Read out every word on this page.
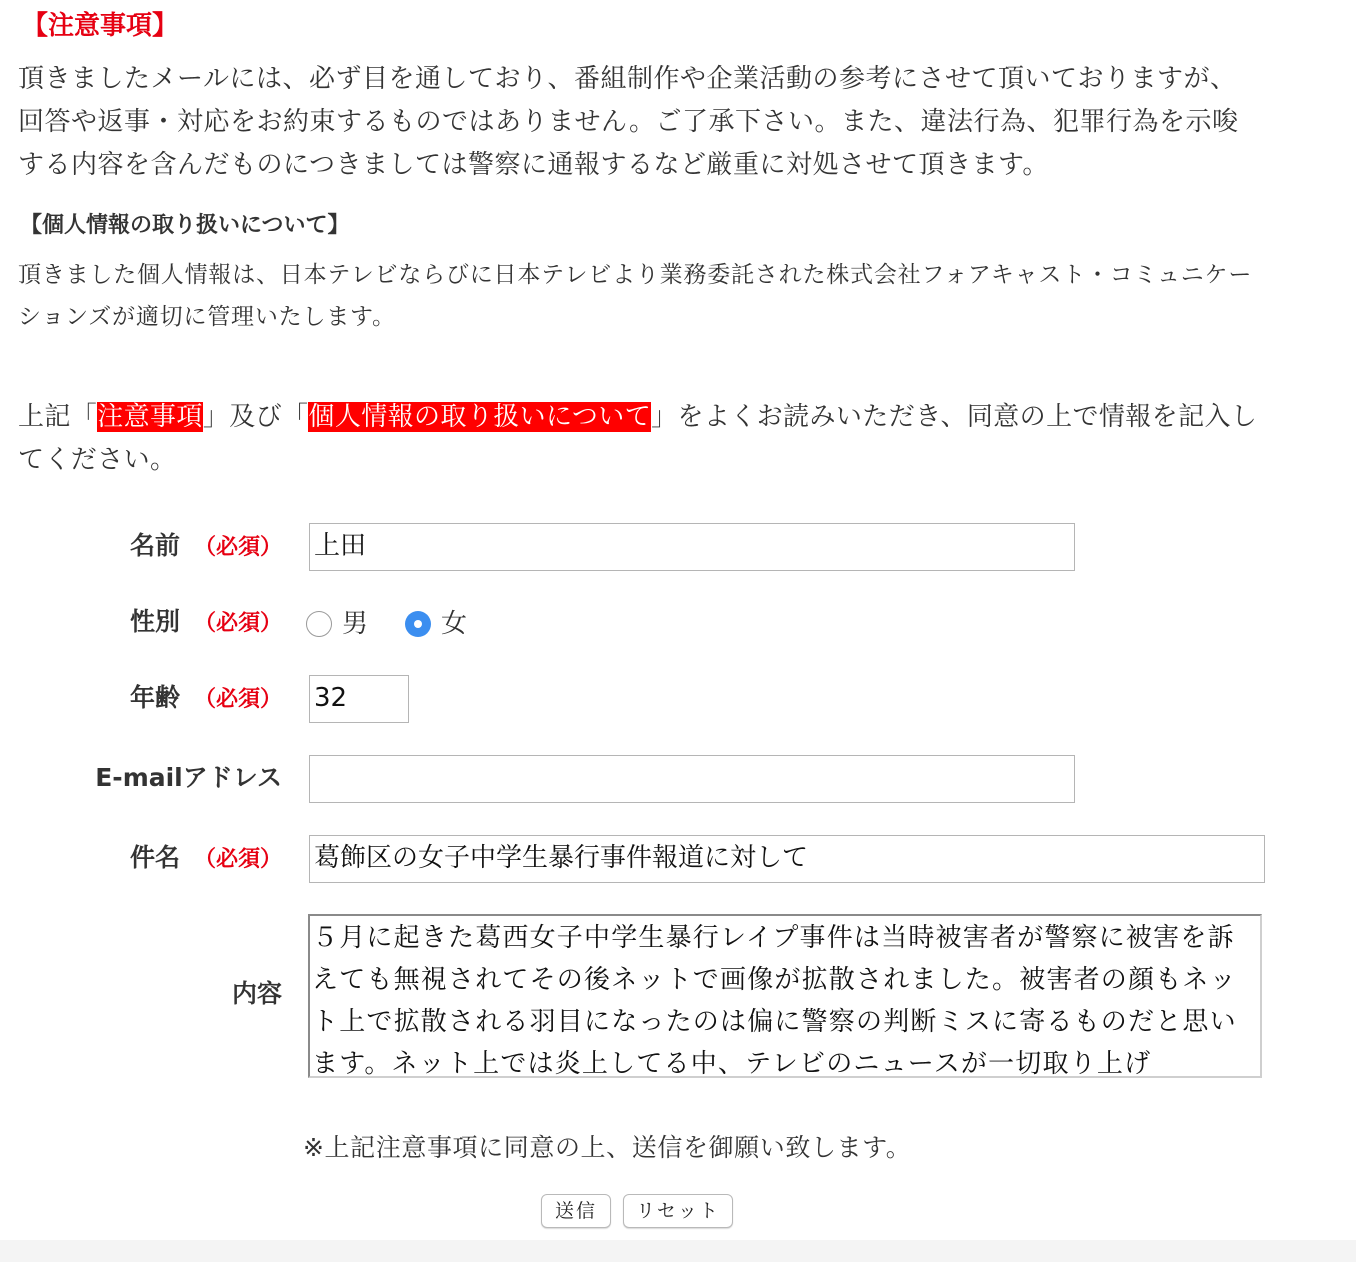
【注意事項】
頂きましたメールには、必ず目を通しており、番組制作や企業活動の参考にさせて頂いておりますが、回答や返事・対応をお約束するものではありません。ご了承下さい。また、違法行為、犯罪行為を示唆する内容を含んだものにつきましては警察に通報するなど厳重に対処させて頂きます。
【個人情報の取り扱いについて】
頂きました個人情報は、日本テレビならびに日本テレビより業務委託された株式会社フォアキャスト・コミュニケーションズが適切に管理いたします。
上記「注意事項」及び「個人情報の取り扱いについて」をよくお読みいただき、同意の上で情報を記入してください。
名前 （必須） 上田
性別 （必須） 男	女
年齢 （必須） 32
E-mailアドレス
件名 （必須） 葛飾区の女子中学生暴行事件報道に対して
内容
５月に起きた葛西女子中学生暴行レイプ事件は当時被害者が警察に被害を訴えても無視されてその後ネットで画像が拡散されました。被害者の顔もネット上で拡散される羽目になったのは偏に警察の判断ミスに寄るものだと思います。ネット上では炎上してる中、テレビのニュースが一切取り上げ
※上記注意事項に同意の上、送信を御願い致します。
送信	リセット
